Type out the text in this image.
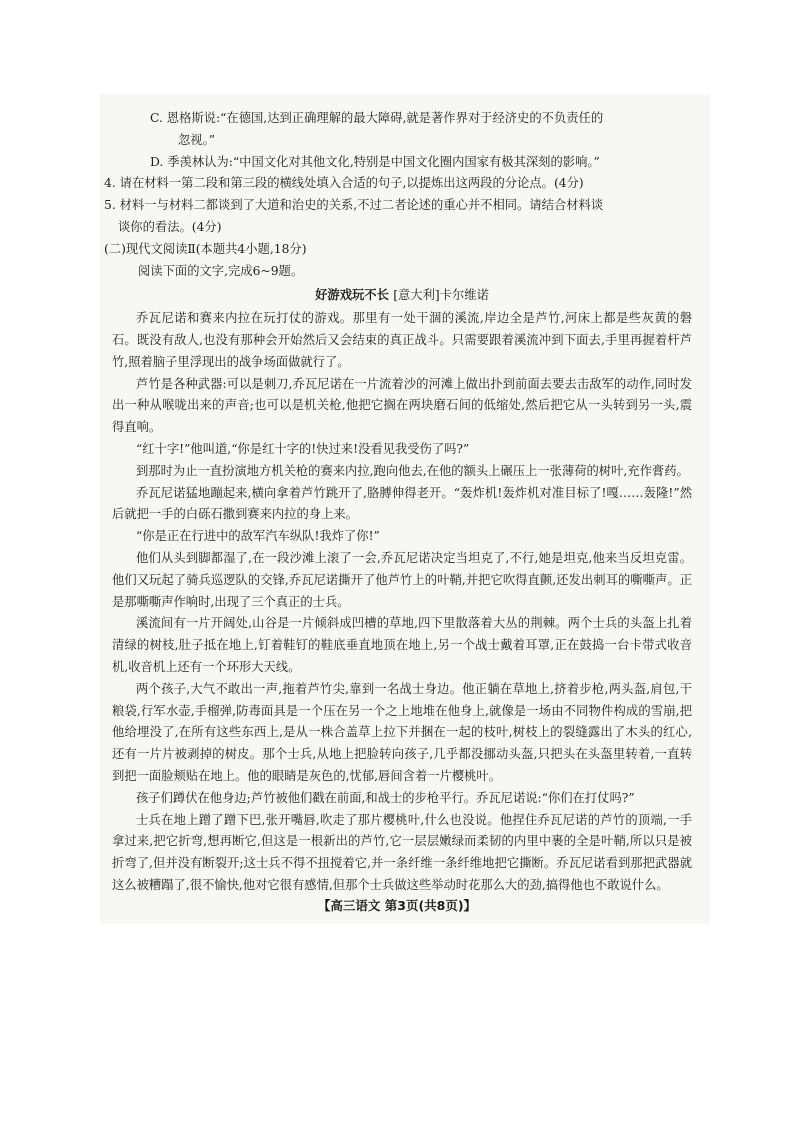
C. 恩格斯说:“在德国,达到正确理解的最大障碍,就是著作界对于经济史的不负责任的

忽视。”

D. 季羡林认为:“中国文化对其他文化,特别是中国文化圈内国家有极其深刻的影响。”

4. 请在材料一第二段和第三段的横线处填入合适的句子,以提炼出这两段的分论点。(4分)

5. 材料一与材料二都谈到了大道和治史的关系,不过二者论述的重心并不相同。请结合材料谈

谈你的看法。(4分)

(二)现代文阅读Ⅱ(本题共4小题,18分)

阅读下面的文字,完成6~9题。

好游戏玩不长 [意大利]卡尔维诺

乔瓦尼诺和赛来内拉在玩打仗的游戏。那里有一处干涸的溪流,岸边全是芦竹,河床上都是些灰黄的磐石。既没有敌人,也没有那种会开始然后又会结束的真正战斗。只需要跟着溪流冲到下面去,手里再握着杆芦竹,照着脑子里浮现出的战争场面做就行了。

芦竹是各种武器:可以是刺刀,乔瓦尼诺在一片流着沙的河滩上做出扑到前面去要去击敌军的动作,同时发出一种从喉咙出来的声音;也可以是机关枪,他把它搁在两块磨石间的低缩处,然后把它从一头转到另一头,震得直响。

“红十字!”他叫道,“你是红十字的!快过来!没看见我受伤了吗?”

到那时为止一直扮演地方机关枪的赛来内拉,跑向他去,在他的额头上碾压上一张薄荷的树叶,充作膏药。

乔瓦尼诺猛地蹦起来,横向拿着芦竹跳开了,胳膊伸得老开。“轰炸机!轰炸机对准目标了!嘎……轰隆!”然后就把一手的白砾石撒到赛来内拉的身上来。

“你是正在行进中的敌军汽车纵队!我炸了你!”

他们从头到脚都湿了,在一段沙滩上滚了一会,乔瓦尼诺决定当坦克了,不行,她是坦克,他来当反坦克雷。他们又玩起了骑兵巡逻队的交锋,乔瓦尼诺撕开了他芦竹上的叶鞘,并把它吹得直颤,还发出刺耳的嘶嘶声。正是那嘶嘶声作响时,出现了三个真正的士兵。

溪流间有一片开阔处,山谷是一片倾斜成凹槽的草地,四下里散落着大丛的荆棘。两个士兵的头盔上扎着清绿的树枝,肚子抵在地上,钉着鞋钉的鞋底垂直地顶在地上,另一个战士戴着耳罩,正在鼓捣一台卡带式收音机,收音机上还有一个环形大天线。

两个孩子,大气不敢出一声,拖着芦竹尖,靠到一名战士身边。他正躺在草地上,挤着步枪,两头盔,肩包,干粮袋,行军水壶,手榴弹,防毒面具是一个压在另一个之上地堆在他身上,就像是一场由不同物件构成的雪崩,把他给埋没了,在所有这些东西上,是从一株合盖草上拉下并捆在一起的枝叶,树枝上的裂缝露出了木头的红心,还有一片片被剥掉的树皮。那个士兵,从地上把脸转向孩子,几乎都没挪动头盔,只把头在头盔里转着,一直转到把一面脸颊贴在地上。他的眼睛是灰色的,忧郁,唇间含着一片樱桃叶。

孩子们蹲伏在他身边;芦竹被他们戳在前面,和战士的步枪平行。乔瓦尼诺说:“你们在打仗吗?”

士兵在地上蹭了蹭下巴,张开嘴唇,吹走了那片樱桃叶,什么也没说。他捏住乔瓦尼诺的芦竹的顶端,一手拿过来,把它折弯,想再断它,但这是一根新出的芦竹,它一层层嫩绿而柔韧的内里中裹的全是叶鞘,所以只是被折弯了,但并没有断裂开;这士兵不得不扭搅着它,并一条纤维一条纤维地把它撕断。乔瓦尼诺看到那把武器就这么被糟蹋了,很不愉快,他对它很有感情,但那个士兵做这些举动时花那么大的劲,搞得他也不敢说什么。

【高三语文 第3页(共8页)】
